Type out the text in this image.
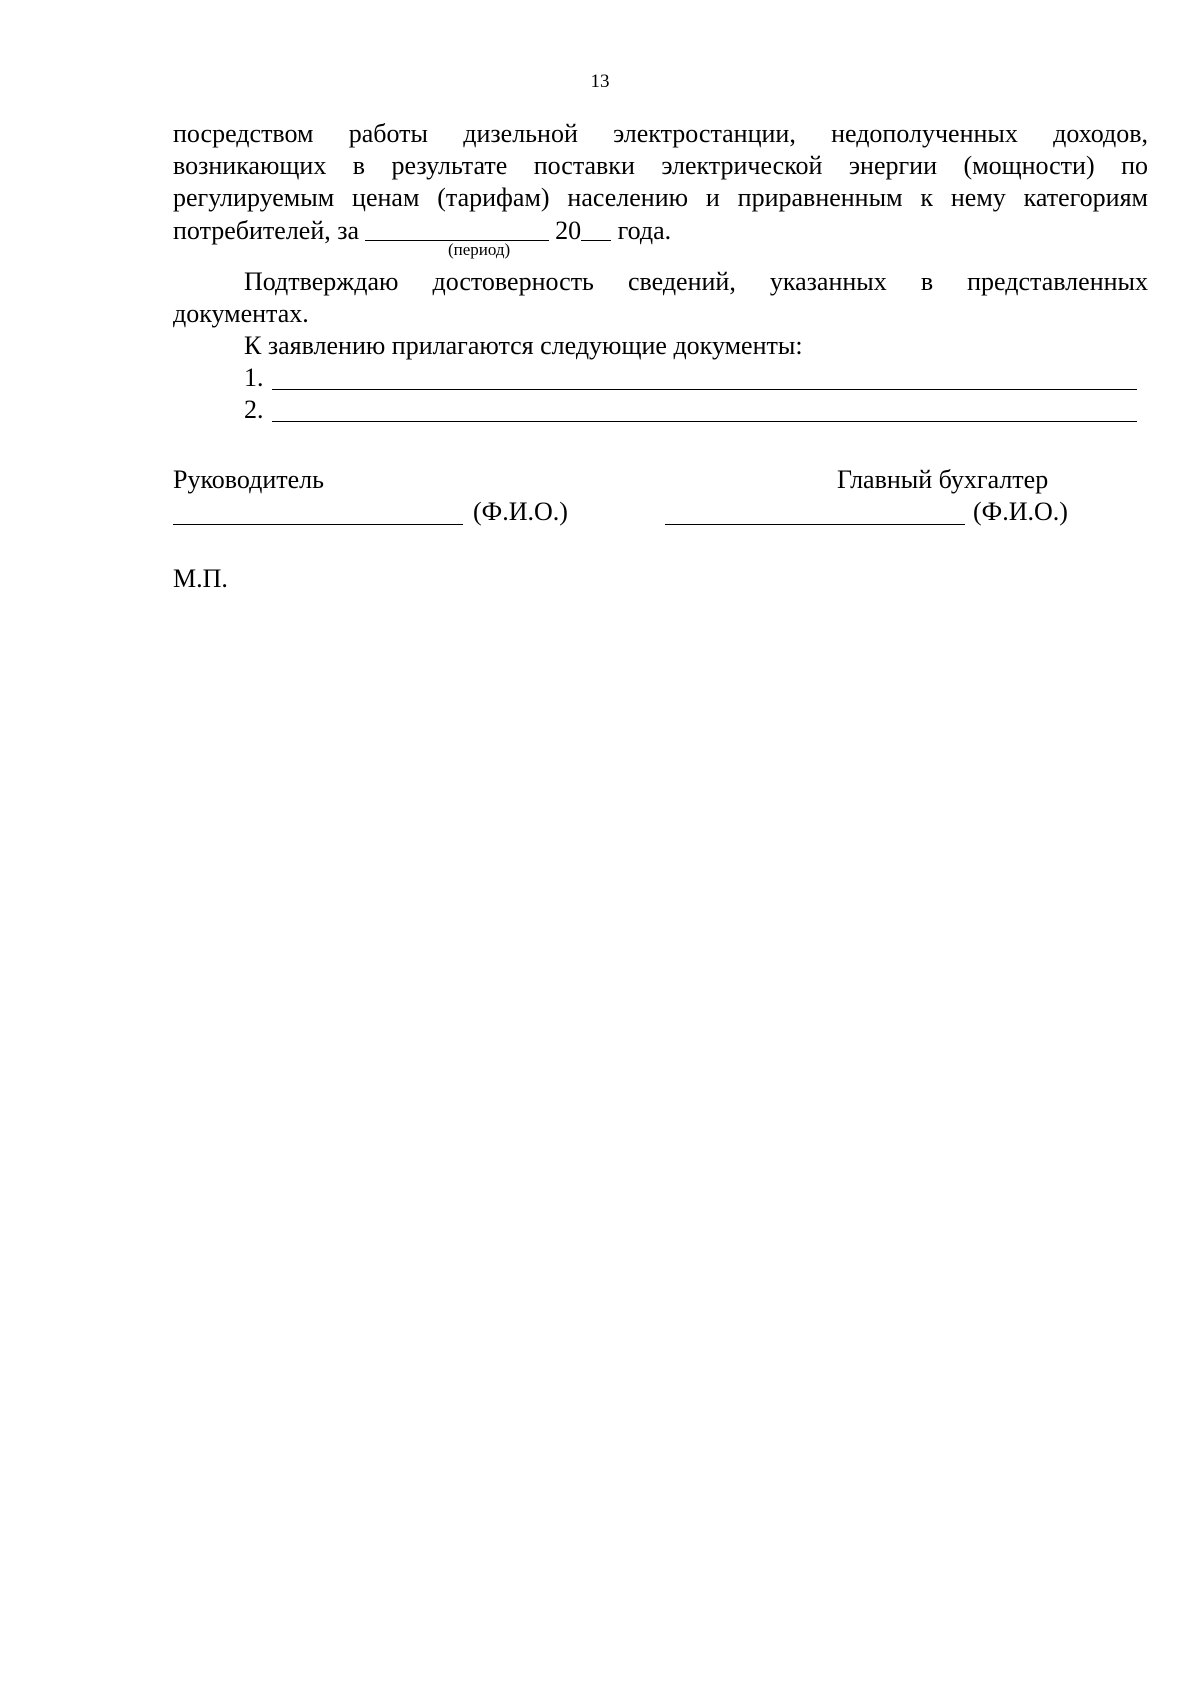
13
посредством работы дизельной электростанции, недополученных доходов,
возникающих в результате поставки электрической энергии (мощности) по
регулируемым ценам (тарифам) населению и приравненным к нему категориям
потребителей, за	20 года.
(период)
Подтверждаю достоверность сведений, указанных в представленных
документах.
К заявлению прилагаются следующие документы:
1.
2.
Руководитель	Главный бухгалтер
(Ф.И.О.)	(Ф.И.О.)
М.П.
